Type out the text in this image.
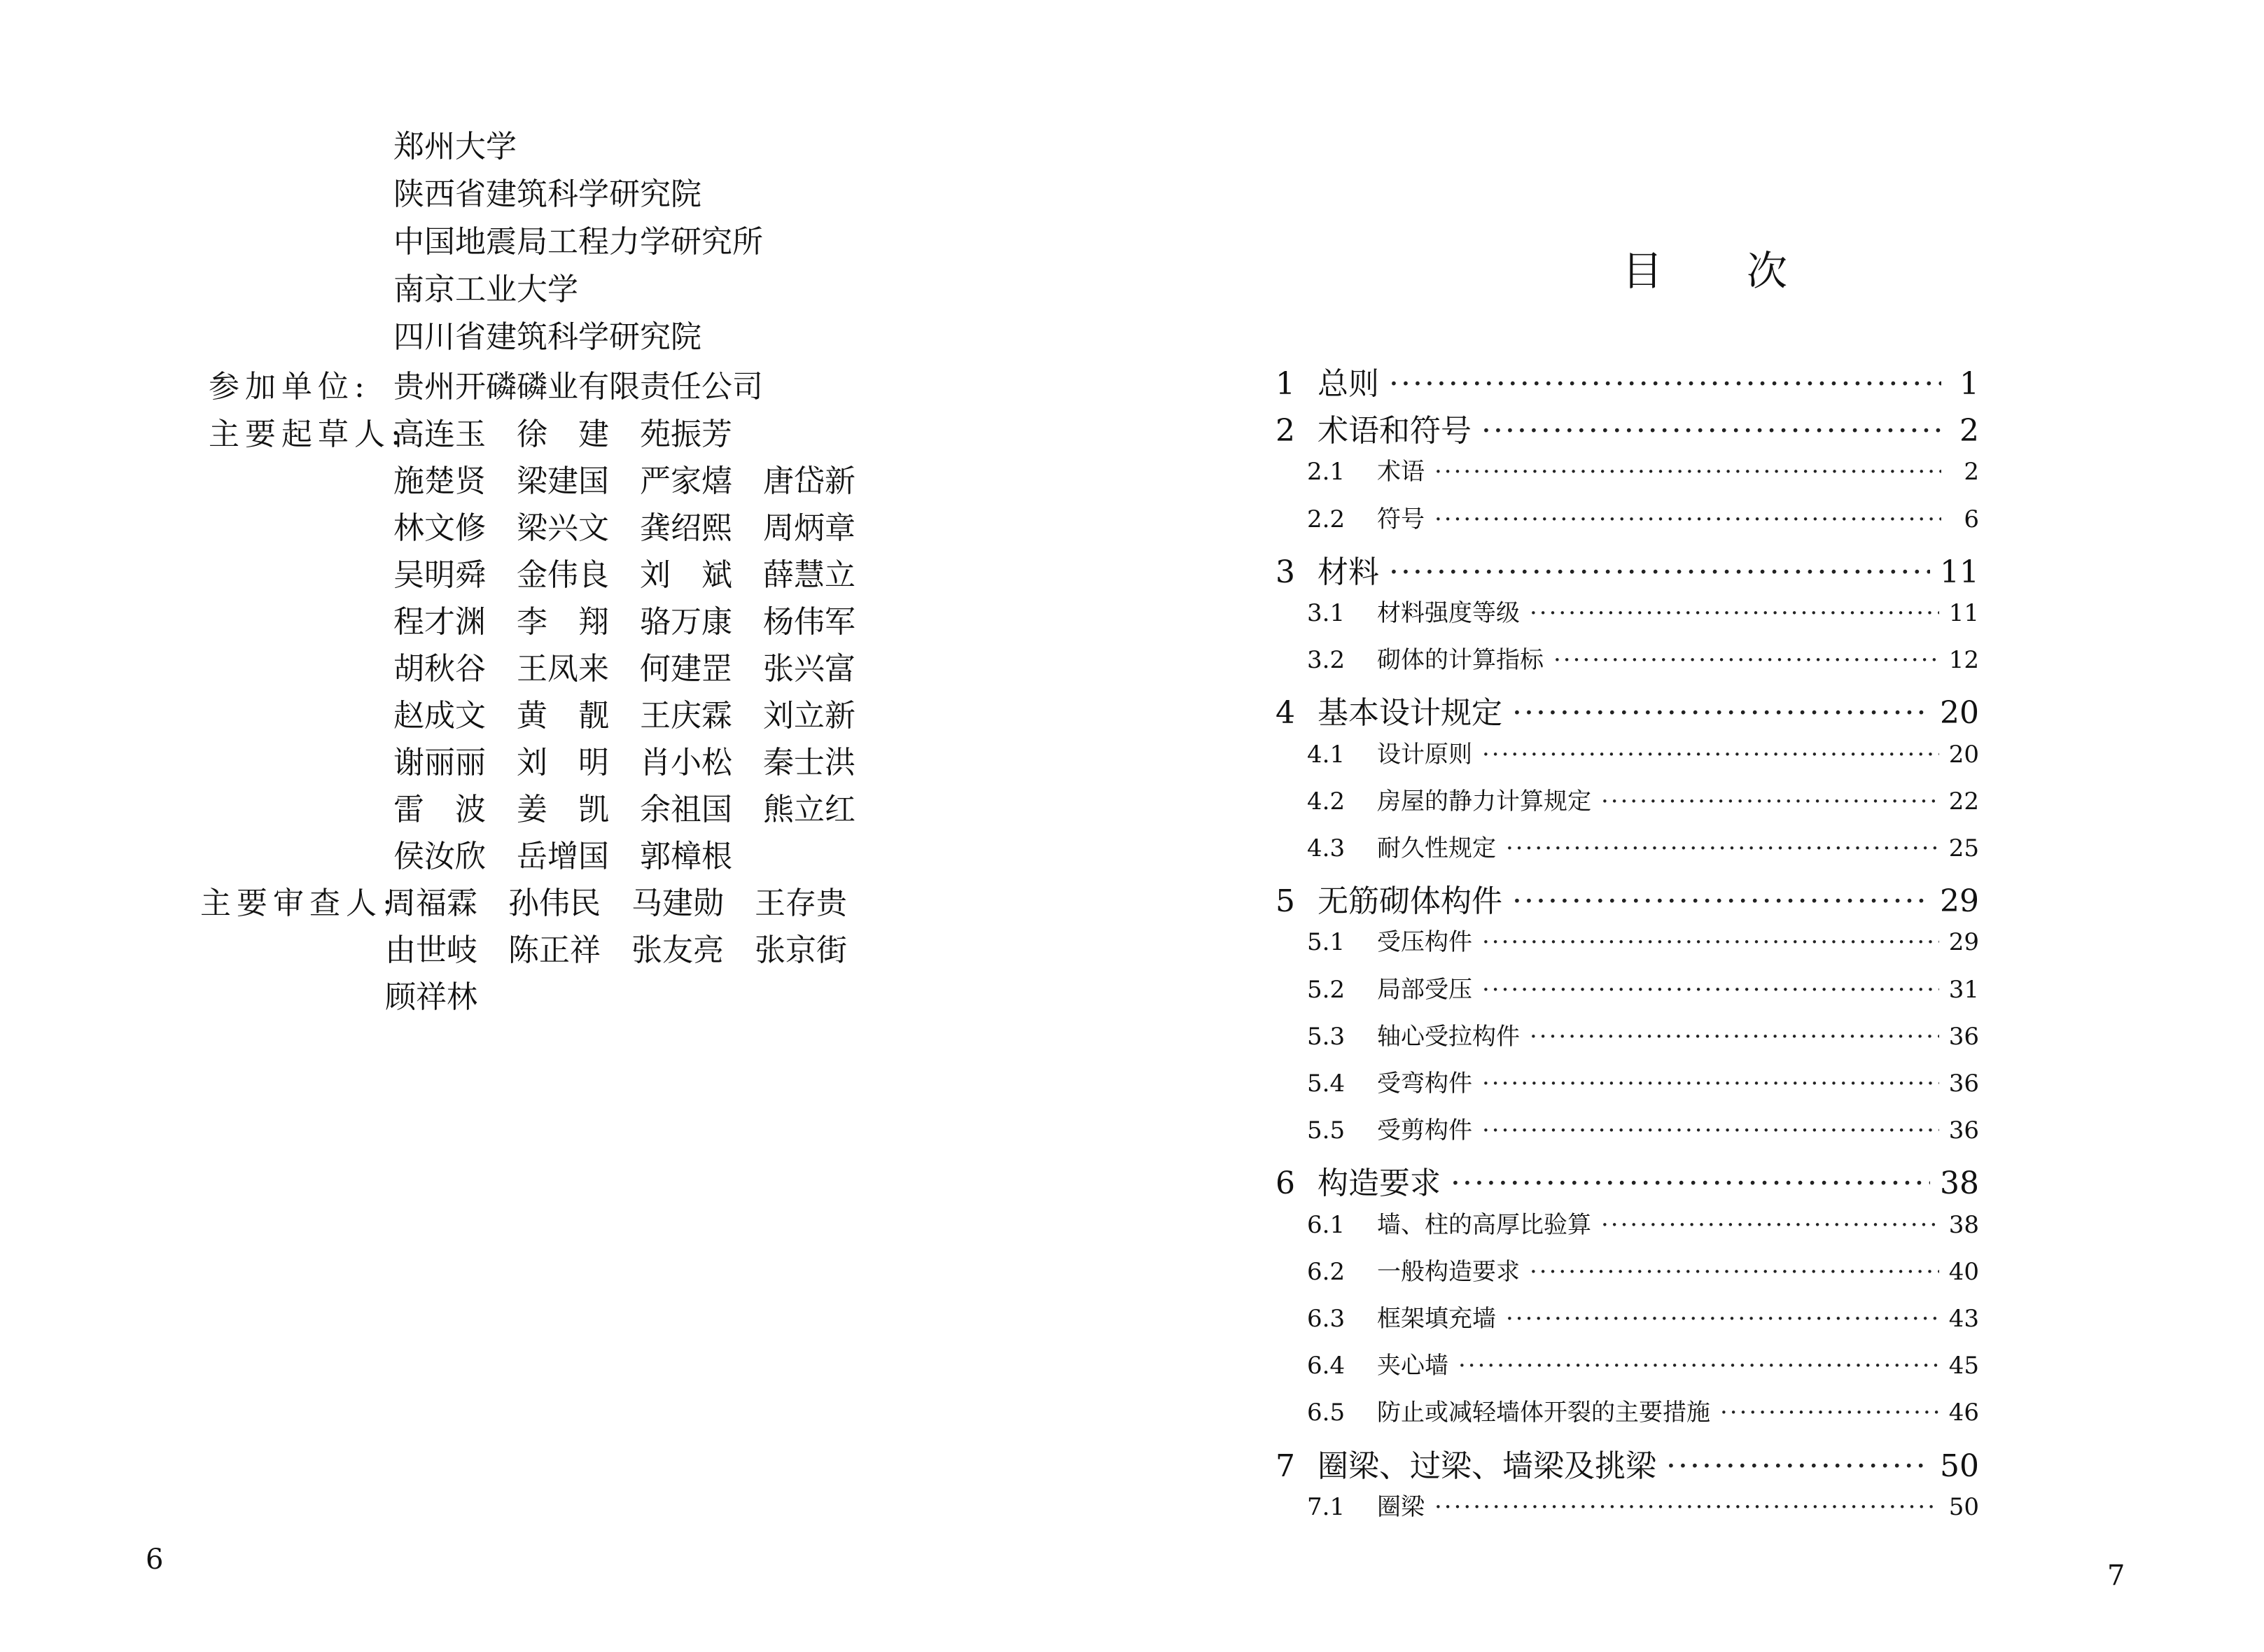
郑州大学
陕西省建筑科学研究院
中国地震局工程力学研究所
南京工业大学
四川省建筑科学研究院
参加单位: 贵州开磷磷业有限责任公司
主要起草人:
高连玉 徐　建 苑振芳
施楚贤 梁建国 严家熺 唐岱新
林文修 梁兴文 龚绍熙 周炳章
吴明舜 金伟良 刘　斌 薛慧立
程才渊 李　翔 骆万康 杨伟军
胡秋谷 王凤来 何建罡 张兴富
赵成文 黄　靓 王庆霖 刘立新
谢丽丽 刘　明 肖小松 秦士洪
雷　波 姜　凯 余祖国 熊立红
侯汝欣 岳增国 郭樟根
主要审查人:
周福霖 孙伟民 马建勋 王存贵
由世岐 陈正祥 张友亮 张京街
顾祥林
6
目次
1 总则 ·····	1
2 术语和符号 ·····	2
2.1	术语 ·····	2
2.2	符号 ·····	6
3 材料 ·····	11
3.1	材料强度等级 ·····	11
3.2	砌体的计算指标 ·····	12
4 基本设计规定 ·····	20
4.1	设计原则 ·····	20
4.2	房屋的静力计算规定 ·····	22
4.3	耐久性规定 ·····	25
5 无筋砌体构件 ·····	29
5.1	受压构件 ·····	29
5.2	局部受压 ·····	31
5.3	轴心受拉构件 ·····	36
5.4	受弯构件 ·····	36
5.5	受剪构件 ·····	36
6 构造要求 ·····	38
6.1	墙、柱的高厚比验算 ·····	38
6.2	一般构造要求 ·····	40
6.3	框架填充墙 ·····	43
6.4	夹心墙 ·····	45
6.5	防止或减轻墙体开裂的主要措施 ·····	46
7 圈梁、过梁、墙梁及挑梁 ·····	50
7.1	圈梁 ·····	50
7
